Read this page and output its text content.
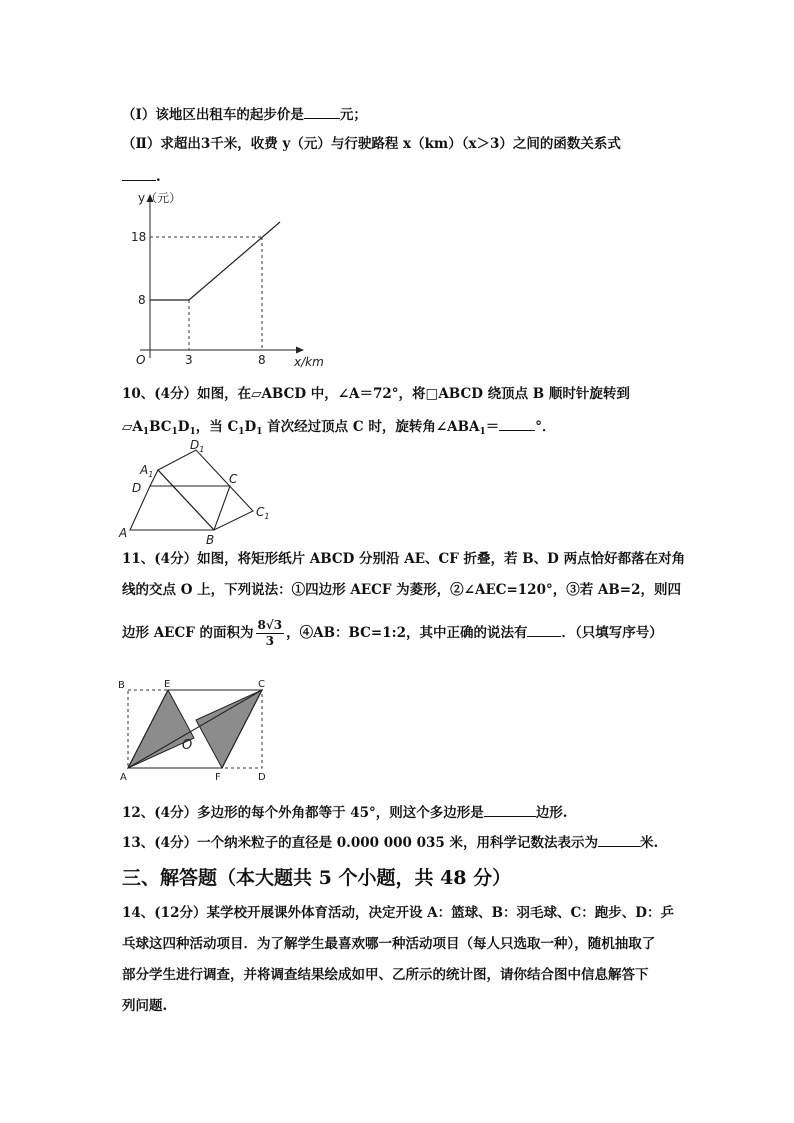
（Ⅰ）该地区出租车的起步价是	元；
（Ⅱ）求超出3千米，收费 y（元）与行驶路程 x（km）（x＞3）之间的函数关系式
.
y（元）
x/km
O
18
8
3	8
10、(4分）如图，在▱ABCD 中，∠A＝72°，将□ABCD 绕顶点 B 顺时针旋转到
$▱A_1BC_1D_1$，当 $C_1D_1$ 首次经过顶点 C 时，旋转角$\angle ABA_1=$	°．
$D_1$
$A_1$
D
C
$C_1$
A	B
11、(4分）如图，将矩形纸片 ABCD 分别沿 AE、CF 折叠，若 B、D 两点恰好都落在对角
线的交点 O 上，下列说法：①四边形 AECF 为菱形，②∠AEC=120°，③若 AB=2，则四
边形 AECF 的面积为 $\frac{8√3}{3}$ ，④AB：BC=1:2，其中正确的说法有	．（只填写序号）
B	E	C
O
A	F	D
12、(4分）多边形的每个外角都等于 45°，则这个多边形是	边形.
13、(4分）一个纳米粒子的直径是 0.000 000 035 米，用科学记数法表示为	米.
三、解答题（本大题共 5 个小题，共 48 分）
14、(12分）某学校开展课外体育活动，决定开设 A：篮球、B：羽毛球、C：跑步、D：乒
乓球这四种活动项目．为了解学生最喜欢哪一种活动项目（每人只选取一种），随机抽取了
部分学生进行调查，并将调查结果绘成如甲、乙所示的统计图，请你结合图中信息解答下
列问题.
